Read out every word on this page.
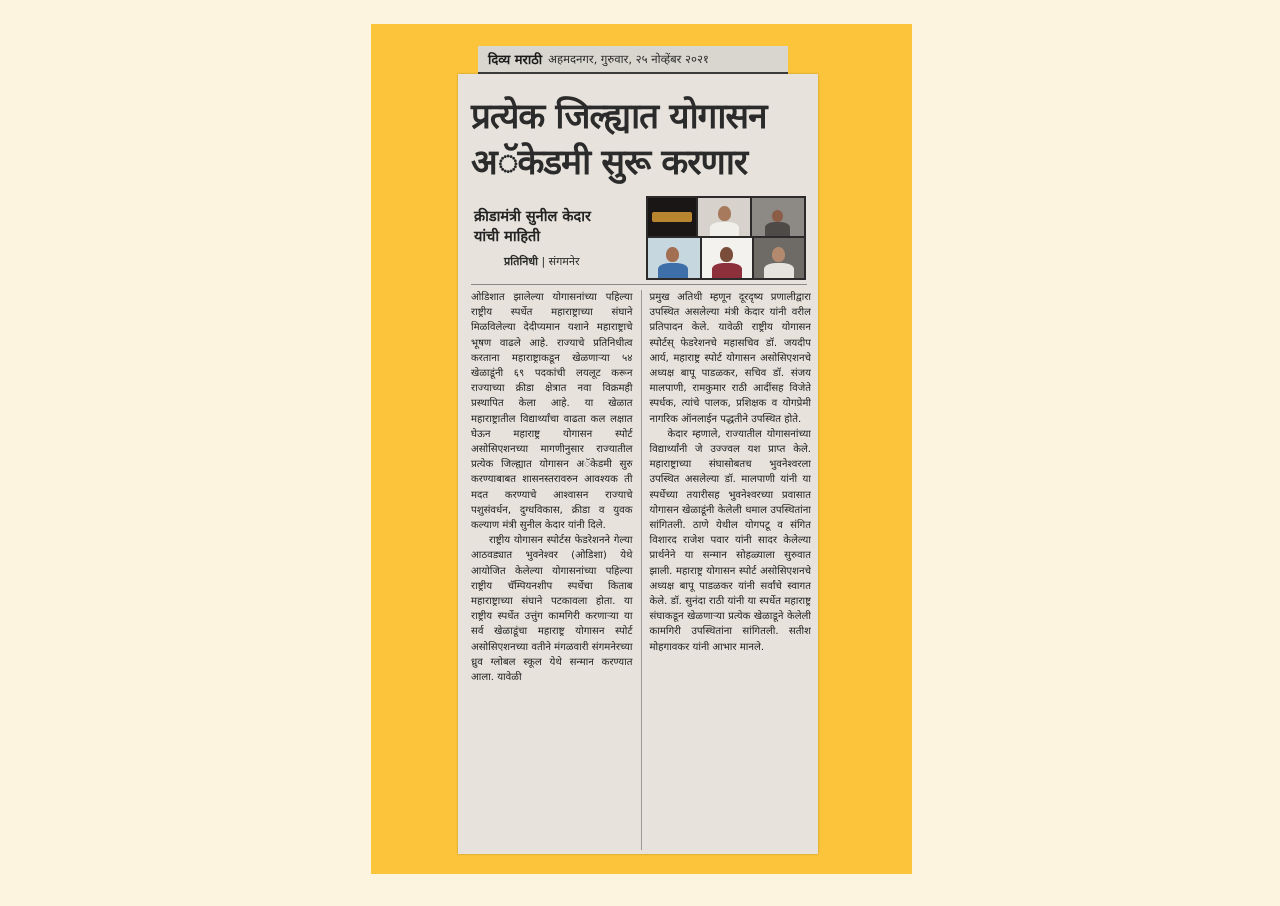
दिव्य मराठी अहमदनगर, गुरुवार, २५ नोव्हेंबर २०२१
प्रत्येक जिल्ह्यात योगासन
अॅकेडमी सुरू करणार
क्रीडामंत्री सुनील केदार
यांची माहिती
प्रतिनिधी | संगमनेर

ओडिशात झालेल्या योगासनांच्या पहिल्या राष्ट्रीय स्पर्धेत महाराष्ट्राच्या संघाने मिळविलेल्या देदीप्यमान यशाने महाराष्ट्राचे भूषण वाढले आहे. राज्याचे प्रतिनिधीत्व करताना महाराष्ट्राकडून खेळणाऱ्या ५४ खेळाडूंनी ६९ पदकांची लयलूट करून राज्याच्या क्रीडा क्षेत्रात नवा विक्रमही प्रस्थापित केला आहे. या खेळात महाराष्ट्रातील विद्यार्थ्यांचा वाढता कल लक्षात घेऊन महाराष्ट्र योगासन स्पोर्ट असोसिएशनच्या मागणीनुसार राज्यातील प्रत्येक जिल्ह्यात योगासन अॅकेडमी सुरु करण्याबाबत शासनस्तरावरुन आवश्यक ती मदत करण्याचे आश्वासन राज्याचे पशुसंवर्धन, दुग्धविकास, क्रीडा व युवक कल्याण मंत्री सुनील केदार यांनी दिले.

राष्ट्रीय योगासन स्पोर्टस फेडरेशनने गेल्या आठवड्यात भुवनेश्वर (ओडिशा) येथे आयोजित केलेल्या योगासनांच्या पहिल्या राष्ट्रीय चॅम्पियनशीप स्पर्धेचा किताब महाराष्ट्राच्या संघाने पटकावला होता. या राष्ट्रीय स्पर्धेत उत्तुंग कामगिरी करणाऱ्या या सर्व खेळाडूंचा महाराष्ट्र योगासन स्पोर्ट असोसिएशनच्या वतीने मंगळवारी संगमनेरच्या ध्रुव ग्लोबल स्कूल येथे सन्मान करण्यात आला. यावेळी

प्रमुख अतिथी म्हणून दूरदृष्य प्रणालीद्वारा उपस्थित असलेल्या मंत्री केदार यांनी वरील प्रतिपादन केले. यावेळी राष्ट्रीय योगासन स्पोर्टस् फेडरेशनचे महासचिव डॉ. जयदीप आर्य, महाराष्ट्र स्पोर्ट योगासन असोसिएशनचे अध्यक्ष बापू पाडळकर, सचिव डॉ. संजय मालपाणी, रामकुमार राठी आदींसह विजेते स्पर्धक, त्यांचे पालक, प्रशिक्षक व योगप्रेमी नागरिक ऑनलाईन पद्धतीने उपस्थित होते.

केदार म्हणाले, राज्यातील योगासनांच्या विद्यार्थ्यांनी जे उज्ज्वल यश प्राप्त केले. महाराष्ट्राच्या संघासोबतच भुवनेश्वरला उपस्थित असलेल्या डॉ. मालपाणी यांनी या स्पर्धेच्या तयारीसह भुवनेश्वरच्या प्रवासात योगासन खेळाडूंनी केलेली धमाल उपस्थितांना सांगितली. ठाणे येथील योगपटू व संगित विशारद राजेश पवार यांनी सादर केलेल्या प्रार्थनेने या सन्मान सोहळ्याला सुरुवात झाली. महाराष्ट्र योगासन स्पोर्ट असोसिएशनचे अध्यक्ष बापू पाडळकर यांनी सर्वांचे स्वागत केले. डॉ. सुनंदा राठी यांनी या स्पर्धेत महाराष्ट्र संघाकडून खेळणाऱ्या प्रत्येक खेळाडूने केलेली कामगिरी उपस्थितांना सांगितली. सतीश मोहगावकर यांनी आभार मानले.
